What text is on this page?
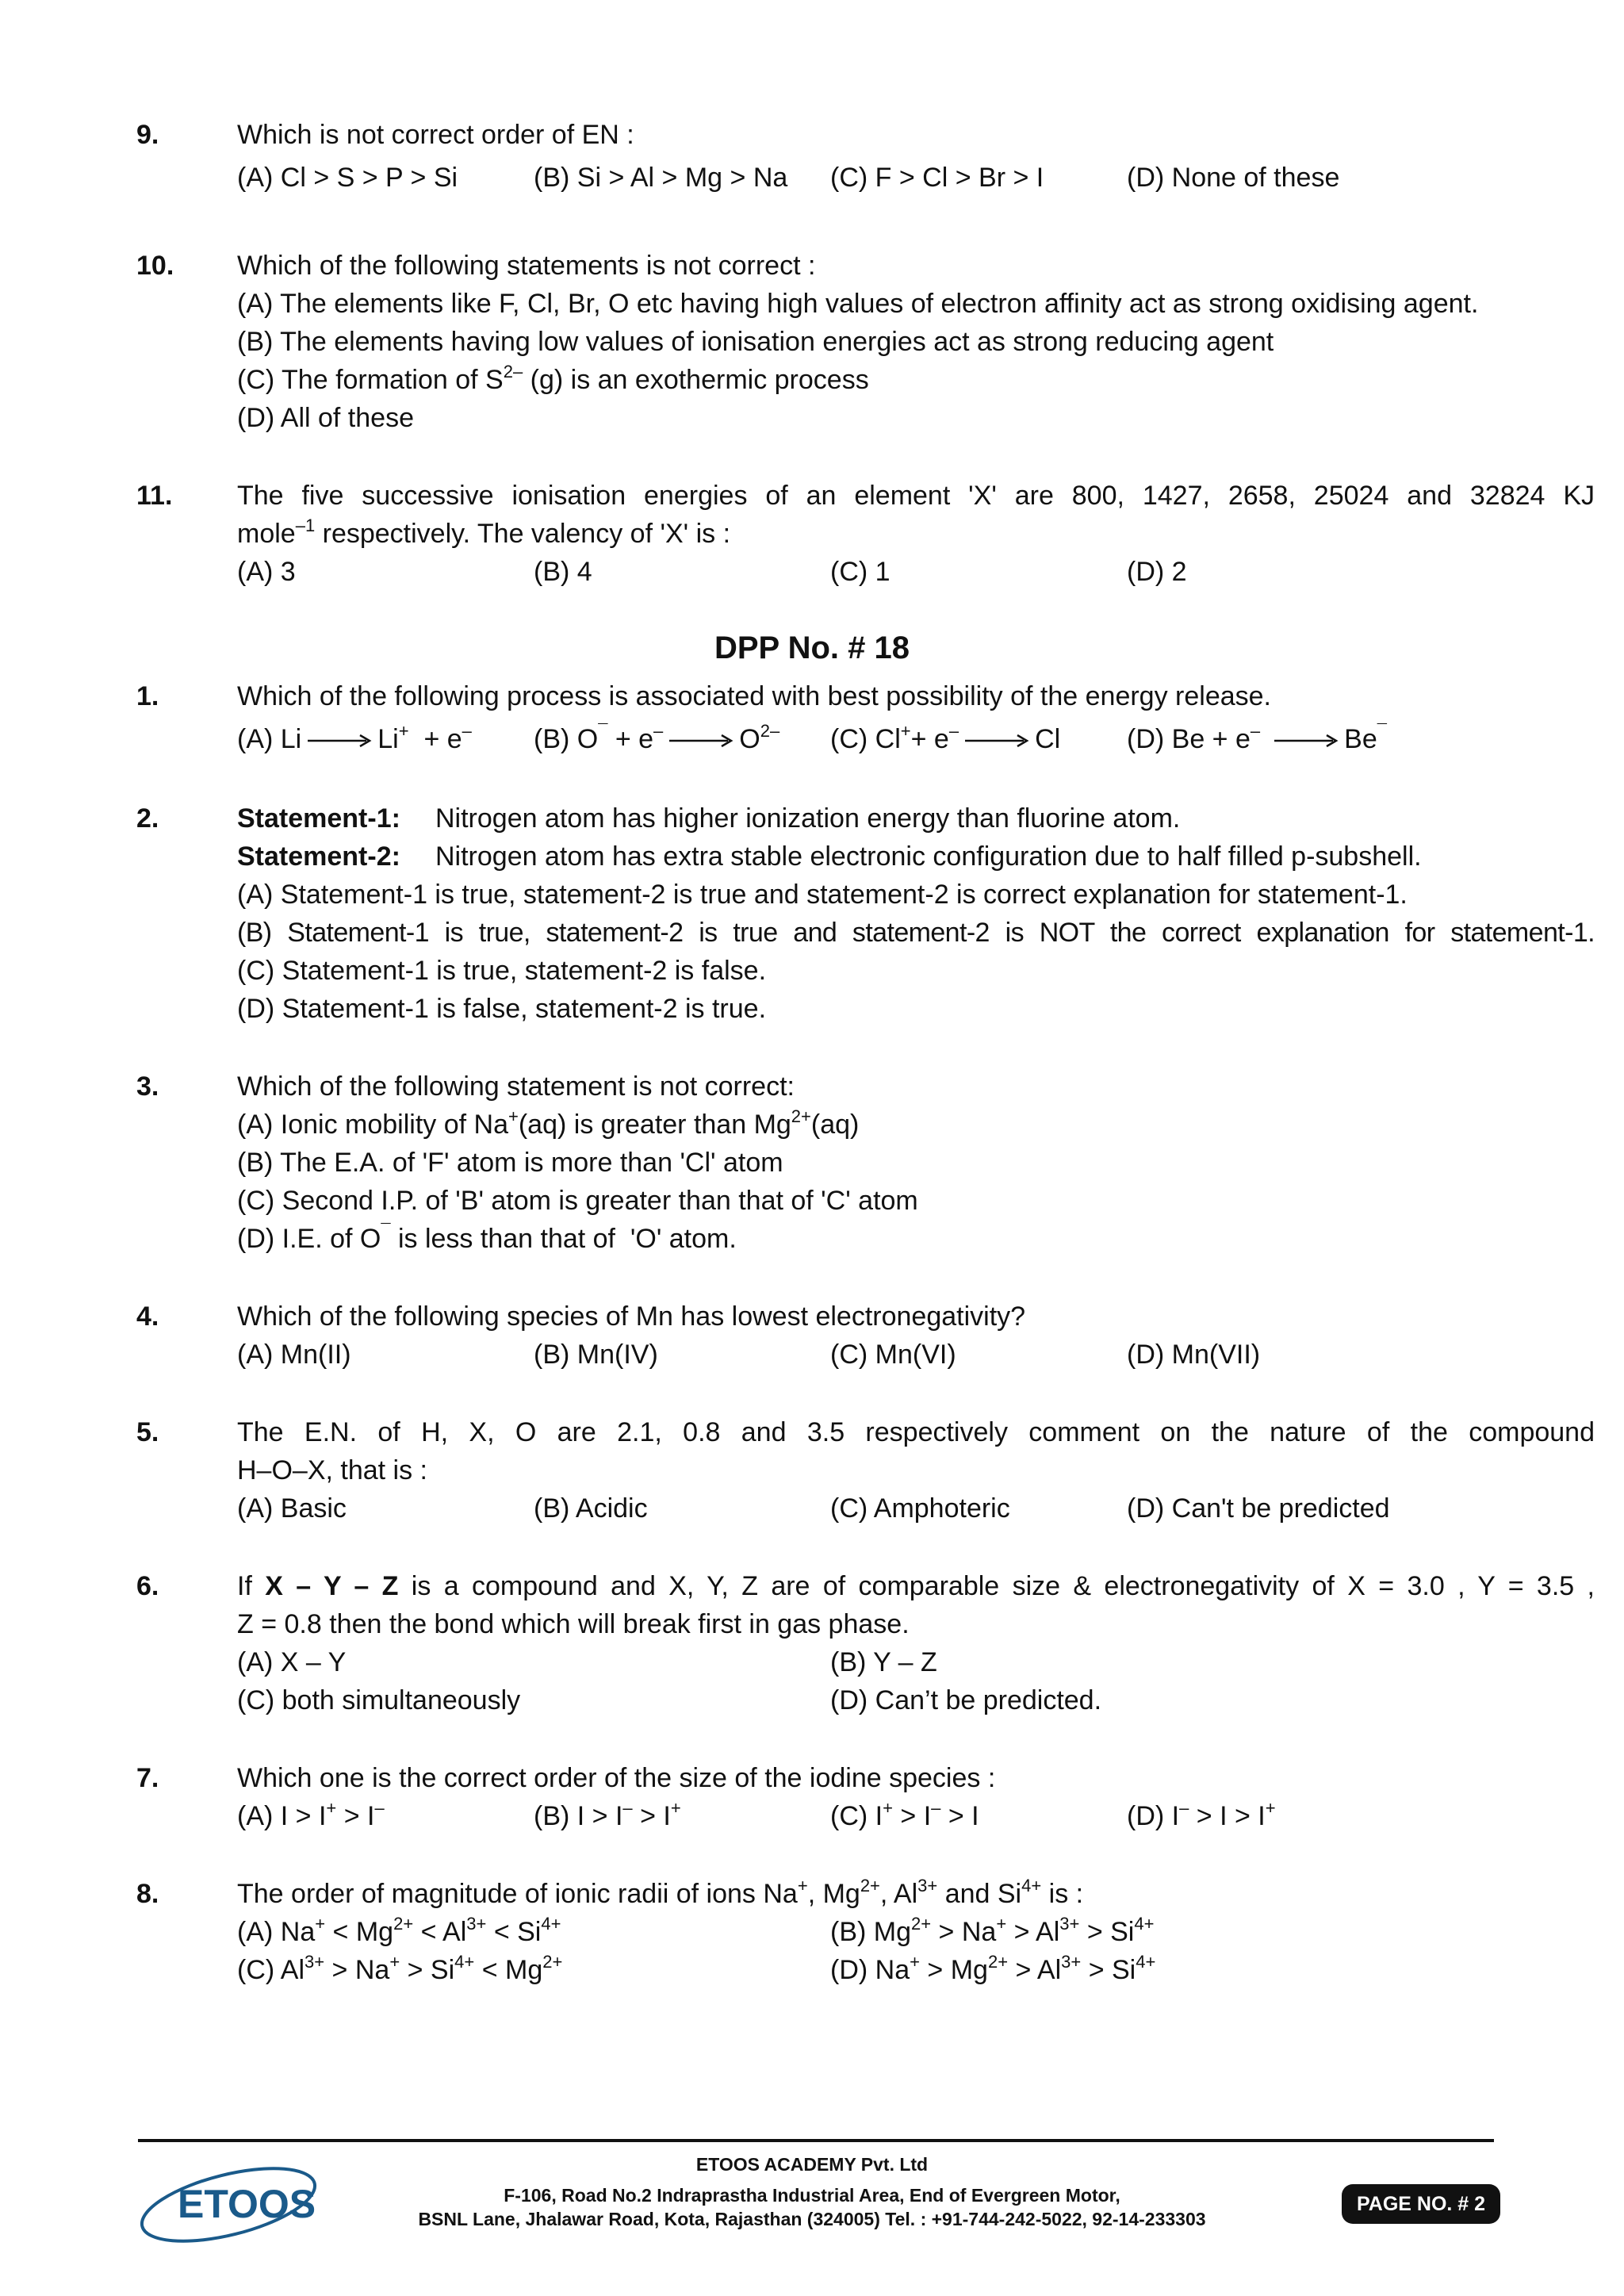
9.	Which is not correct order of EN :
(A) Cl > S > P > Si	(B) Si > Al > Mg > Na (C) F > Cl > Br > I	(D) None of these
10. Which of the following statements is not correct :
(A) The elements like F, Cl, Br, O etc having high values of electron affinity act as strong oxidising agent.
(B) The elements having low values of ionisation energies act as strong reducing agent
(C) The formation of $S^{2-}$ (g) is an exothermic process
(D) All of these
11. The five successive ionisation energies of an element 'X' are 800, 1427, 2658, 25024 and 32824 KJ
mole$^{-1}$ respectively. The valency of 'X' is :
(A) 3	(B) 4	(C) 1	(D) 2
DPP No. # 18
1.	Which of the following process is associated with best possibility of the energy release.
(A) Li → Li+  + e– (B) $O^¯ + e^- \to O^{2-}$ (C) Cl++ e– → Cl (D) Be + e– → Be¯
2.	Statement-1: Nitrogen atom has higher ionization energy than fluorine atom.
Statement-2: Nitrogen atom has extra stable electronic configuration due to half filled p-subshell.
(A) Statement-1 is true, statement-2 is true and statement-2 is correct explanation for statement-1.
(B) Statement-1 is true, statement-2 is true and statement-2 is NOT the correct explanation for statement-1.
(C) Statement-1 is true, statement-2 is false.
(D) Statement-1 is false, statement-2 is true.
3.	Which of the following statement is not correct:
(A) Ionic mobility of Na+(aq) is greater than $Mg^{2+}(aq)$
(B) The E.A. of 'F' atom is more than 'Cl' atom
(C) Second I.P. of 'B' atom is greater than that of 'C' atom
(D) I.E. of O¯ is less than that of  'O' atom.
4.	Which of the following species of Mn has lowest electronegativity?
(A) Mn(II)	(B) Mn(IV)	(C) Mn(VI)	(D) Mn(VII)
5.	The E.N. of H, X, O are 2.1, 0.8 and 3.5 respectively comment on the nature of the compound
H–O–X, that is :
(A) Basic	(B) Acidic	(C) Amphoteric	(D) Can't be predicted
6.	If X – Y – Z is a compound and X, Y, Z are of comparable size & electronegativity of X = 3.0 , Y = 3.5 ,
Z = 0.8 then the bond which will break first in gas phase.
(A) X – Y	(B) Y – Z
(C) both simultaneously	(D) Can’t be predicted.
7.	Which one is the correct order of the size of the iodine species :
(A) I > I+ > I–	(B) I > I– > I+	(C) I+ > I– > I	(D) I– > I > I+
8.	The order of magnitude of ionic radii of ions Na+, $Mg^{2+}$, $Al^{3+}$ and $Si^{4+}$ is :
(A) $Na^+ < Mg^{2+} < Al^{3+} < Si^{4+}$	(B) $Mg^{2+} > Na^+ > Al^{3+} > Si^{4+}$
(C) $Al^{3+} > Na^+ > Si^{4+} < Mg^{2+}$	(D) $Na^+ > Mg^{2+} > Al^{3+} > Si^{4+}$
ETOOS
ETOOS ACADEMY Pvt. Ltd
F-106, Road No.2 Indraprastha Industrial Area, End of Evergreen Motor,
BSNL Lane, Jhalawar Road, Kota, Rajasthan (324005) Tel. : +91-744-242-5022, 92-14-233303
PAGE NO. # 2
